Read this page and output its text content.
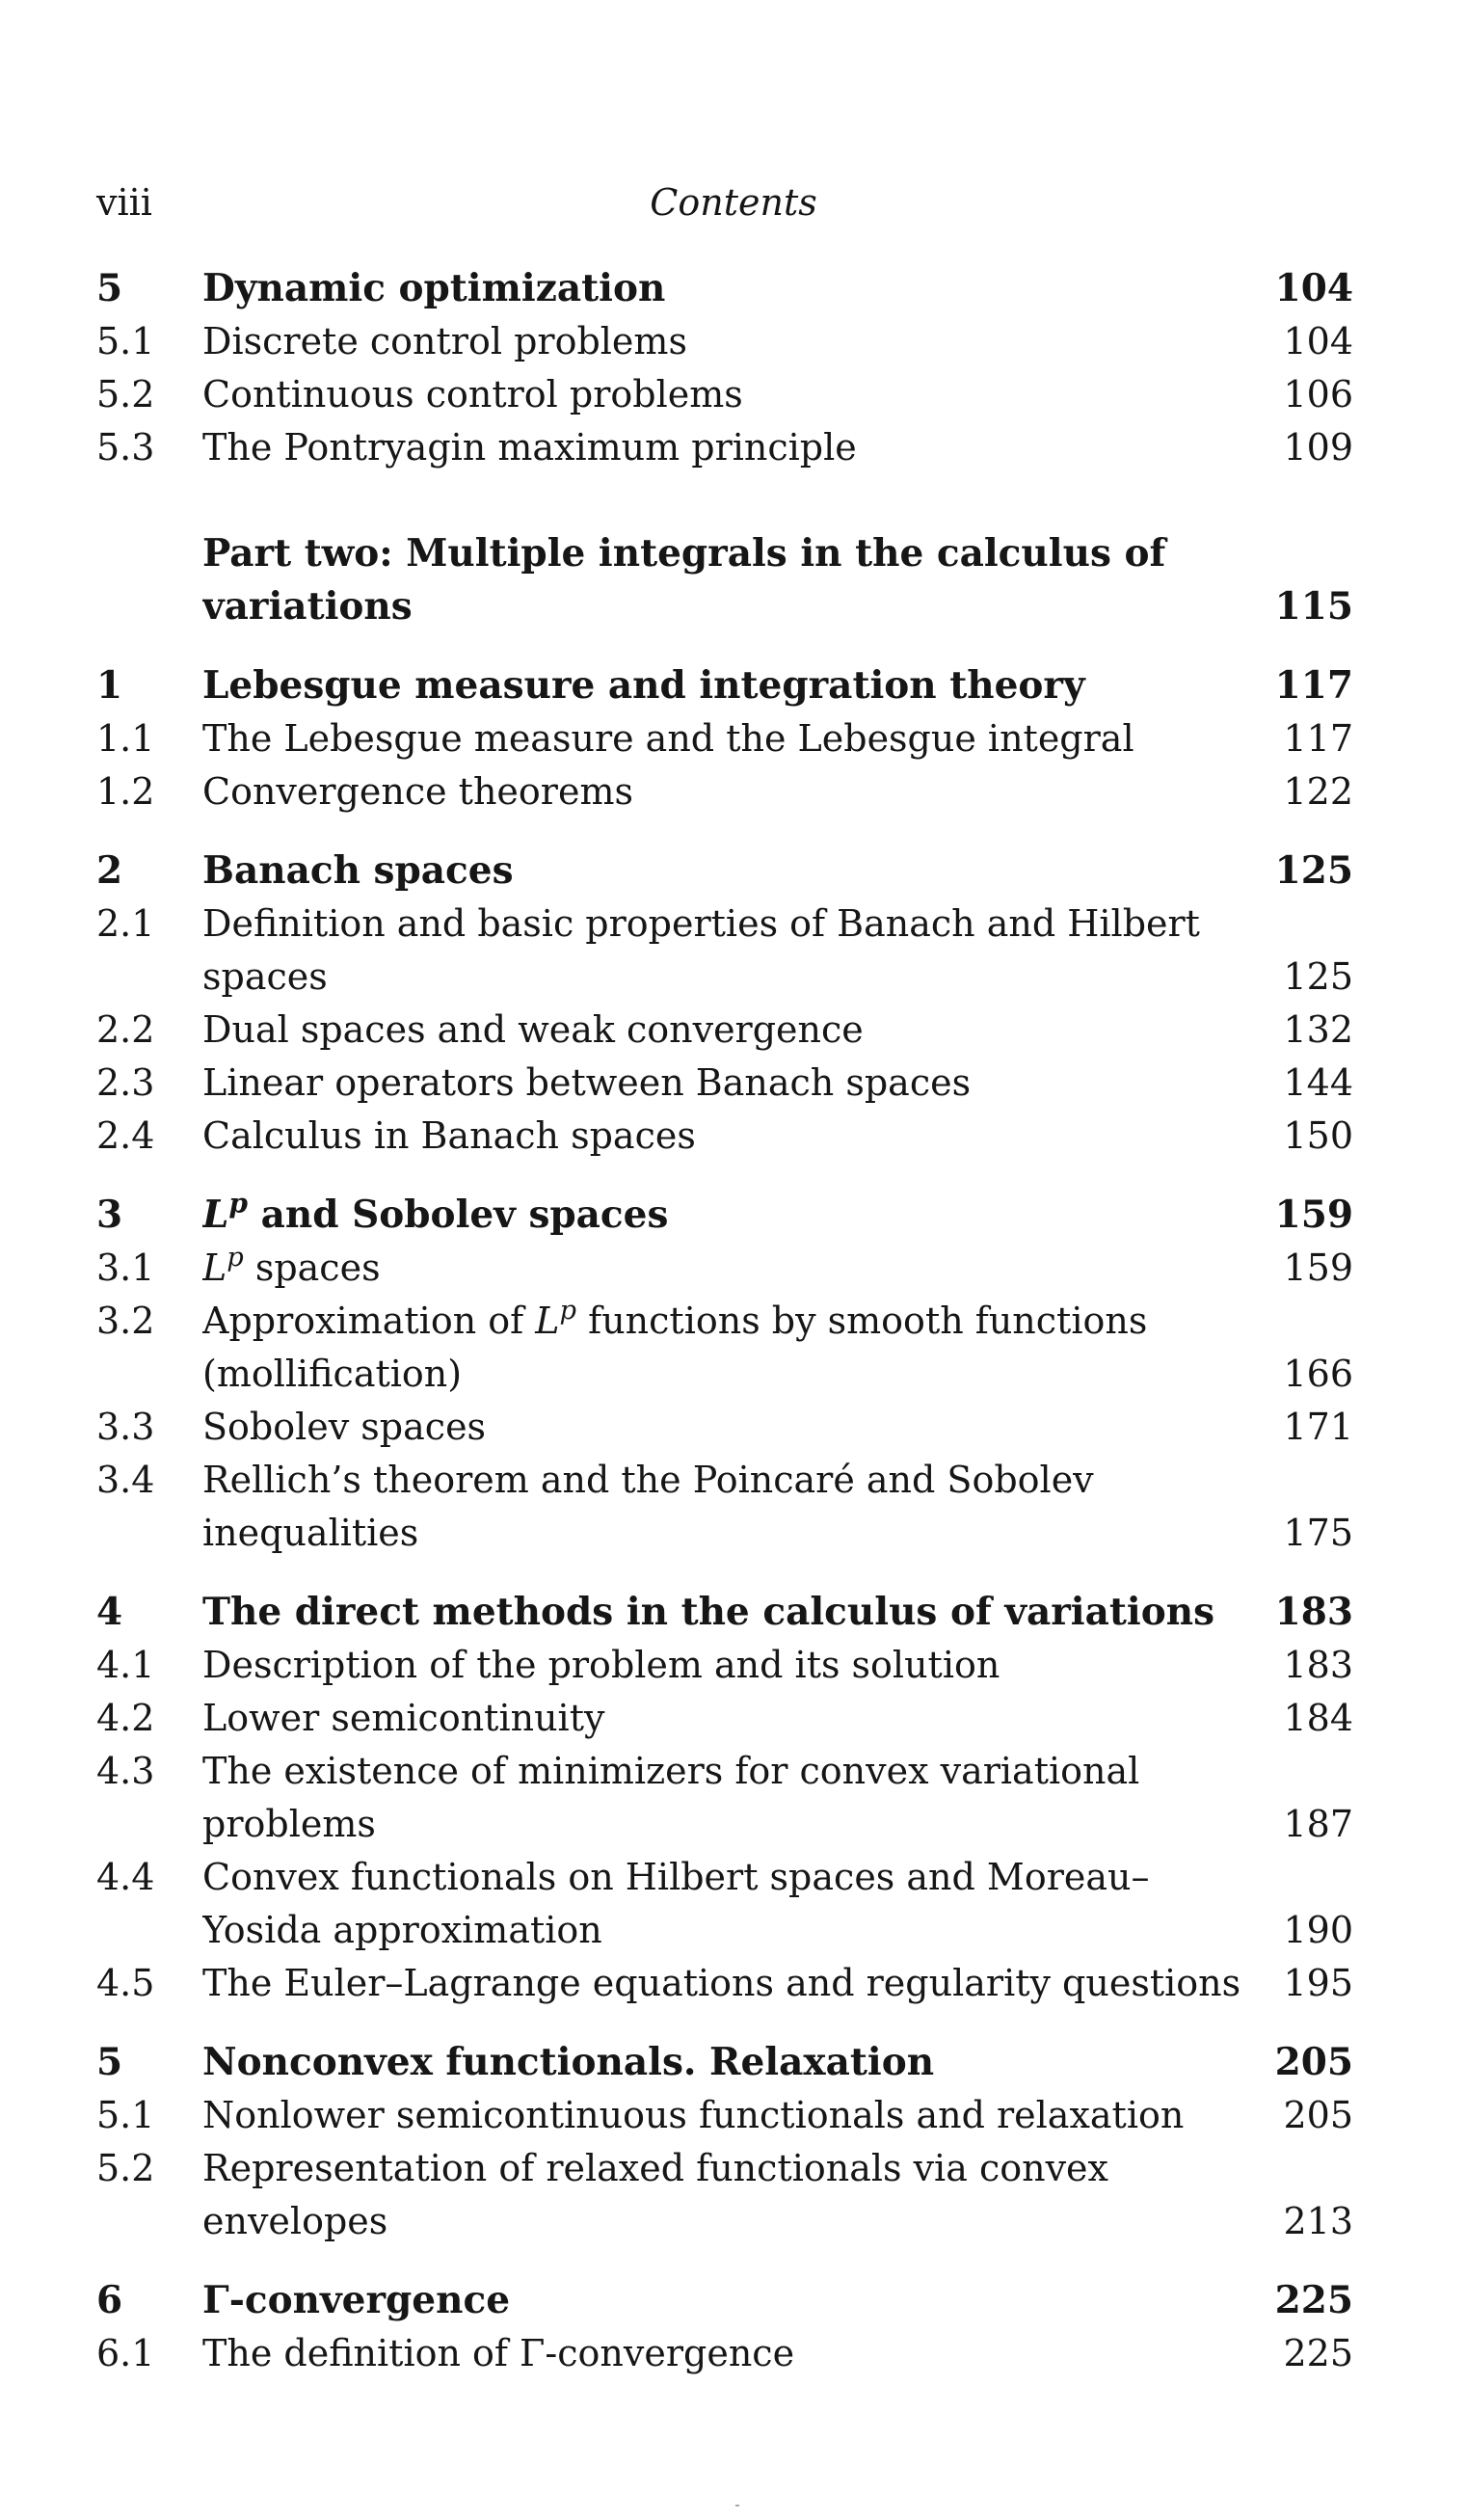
viii	Contents
5 Dynamic optimization	104
5.1 Discrete control problems	104
5.2 Continuous control problems	106
5.3 The Pontryagin maximum principle	109
Part two: Multiple integrals in the calculus of
variations	115
1 Lebesgue measure and integration theory	117
1.1 The Lebesgue measure and the Lebesgue integral	117
1.2 Convergence theorems	122
2 Banach spaces	125
2.1 Definition and basic properties of Banach and Hilbert
spaces	125
2.2 Dual spaces and weak convergence	132
2.3 Linear operators between Banach spaces	144
2.4 Calculus in Banach spaces	150
3 $L^p$ and Sobolev spaces	159
3.1 $L^p$ spaces	159
3.2 Approximation of $L^p$ functions by smooth functions
(mollification)	166
3.3 Sobolev spaces	171
3.4 Rellich’s theorem and the Poincaré and Sobolev
inequalities	175
4 The direct methods in the calculus of variations	183
4.1 Description of the problem and its solution	183
4.2 Lower semicontinuity	184
4.3 The existence of minimizers for convex variational
problems	187
4.4 Convex functionals on Hilbert spaces and Moreau–
Yosida approximation	190
4.5 The Euler–Lagrange equations and regularity questions	195
5 Nonconvex functionals. Relaxation	205
5.1 Nonlower semicontinuous functionals and relaxation	205
5.2 Representation of relaxed functionals via convex
envelopes	213
6 Γ-convergence	225
6.1 The definition of Γ-convergence	225
